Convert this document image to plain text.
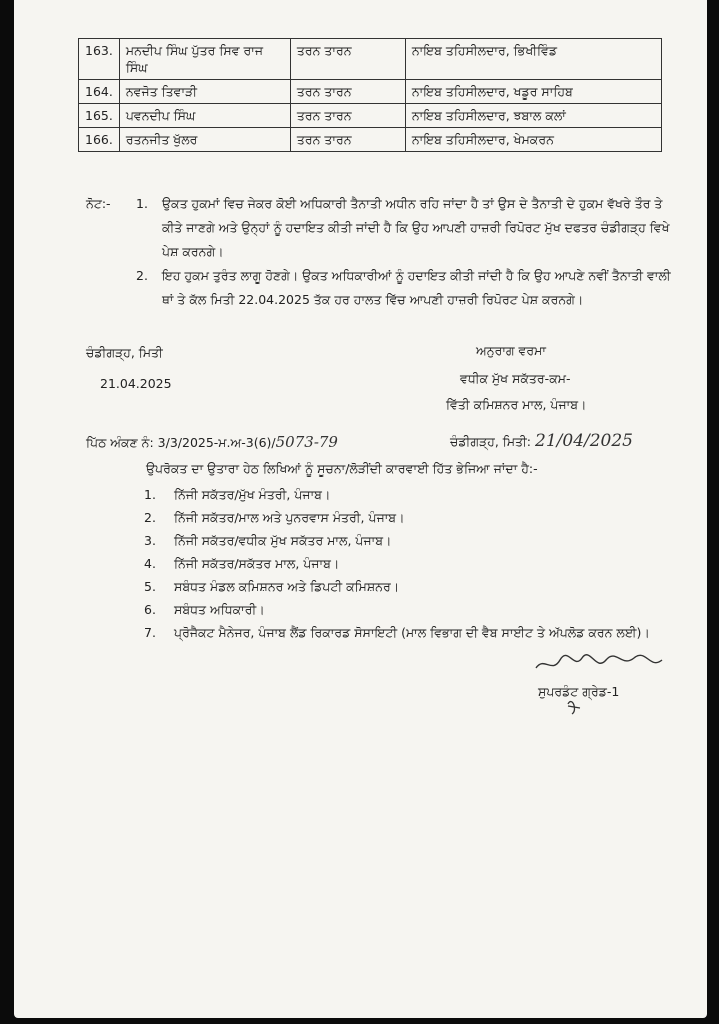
163.	ਮਨਦੀਪ ਸਿੰਘ ਪੁੱਤਰ ਸਿਵ ਰਾਜ ਸਿੰਘ	ਤਰਨ ਤਾਰਨ	ਨਾਇਬ ਤਹਿਸੀਲਦਾਰ, ਭਿਖੀਵਿੰਡ
164.	ਨਵਜੋਤ ਤਿਵਾੜੀ	ਤਰਨ ਤਾਰਨ	ਨਾਇਬ ਤਹਿਸੀਲਦਾਰ, ਖਡੂਰ ਸਾਹਿਬ
165.	ਪਵਨਦੀਪ ਸਿੰਘ	ਤਰਨ ਤਾਰਨ	ਨਾਇਬ ਤਹਿਸੀਲਦਾਰ, ਝਬਾਲ ਕਲਾਂ
166.	ਰਤਨਜੀਤ ਖੁੱਲਰ	ਤਰਨ ਤਾਰਨ	ਨਾਇਬ ਤਹਿਸੀਲਦਾਰ, ਖੇਮਕਰਨ
ਨੋਟ:- 1. ਉਕਤ ਹੁਕਮਾਂ ਵਿਚ ਜੇਕਰ ਕੋਈ ਅਧਿਕਾਰੀ ਤੈਨਾਤੀ ਅਧੀਨ ਰਹਿ ਜਾਂਦਾ ਹੈ ਤਾਂ ਉਸ ਦੇ ਤੈਨਾਤੀ ਦੇ ਹੁਕਮ ਵੱਖਰੇ ਤੌਰ ਤੇ ਕੀਤੇ ਜਾਣਗੇ ਅਤੇ ਉਨ੍ਹਾਂ ਨੂੰ ਹਦਾਇਤ ਕੀਤੀ ਜਾਂਦੀ ਹੈ ਕਿ ਉਹ ਆਪਣੀ ਹਾਜ਼ਰੀ ਰਿਪੋਰਟ ਮੁੱਖ ਦਫਤਰ ਚੰਡੀਗੜ੍ਹ ਵਿਖੇ ਪੇਸ਼ ਕਰਨਗੇ।
2. ਇਹ ਹੁਕਮ ਤੁਰੰਤ ਲਾਗੂ ਹੋਣਗੇ। ਉਕਤ ਅਧਿਕਾਰੀਆਂ ਨੂੰ ਹਦਾਇਤ ਕੀਤੀ ਜਾਂਦੀ ਹੈ ਕਿ ਉਹ ਆਪਣੇ ਨਵੀਂ ਤੈਨਾਤੀ ਵਾਲੀ ਥਾਂ ਤੇ ਕੱਲ ਮਿਤੀ 22.04.2025 ਤੱਕ ਹਰ ਹਾਲਤ ਵਿੱਚ ਆਪਣੀ ਹਾਜ਼ਰੀ ਰਿਪੋਰਟ ਪੇਸ਼ ਕਰਨਗੇ।
ਚੰਡੀਗੜ੍ਹ, ਮਿਤੀ
21.04.2025
ਅਨੁਰਾਗ ਵਰਮਾ
ਵਧੀਕ ਮੁੱਖ ਸਕੱਤਰ-ਕਮ-
ਵਿੱਤੀ ਕਮਿਸ਼ਨਰ ਮਾਲ, ਪੰਜਾਬ।
ਪਿੱਠ ਅੰਕਣ ਨੰ: 3/3/2025-ਮ.ਅ-3(6)/5073-79	ਚੰਡੀਗੜ੍ਹ, ਮਿਤੀ: 21/04/2025
ਉਪਰੋਕਤ ਦਾ ਉਤਾਰਾ ਹੇਠ ਲਿਖਿਆਂ ਨੂੰ ਸੂਚਨਾ/ਲੋੜੀਂਦੀ ਕਾਰਵਾਈ ਹਿੱਤ ਭੇਜਿਆ ਜਾਂਦਾ ਹੈ:-
1. ਨਿੱਜੀ ਸਕੱਤਰ/ਮੁੱਖ ਮੰਤਰੀ, ਪੰਜਾਬ।
2. ਨਿੱਜੀ ਸਕੱਤਰ/ਮਾਲ ਅਤੇ ਪੁਨਰਵਾਸ ਮੰਤਰੀ, ਪੰਜਾਬ।
3. ਨਿੱਜੀ ਸਕੱਤਰ/ਵਧੀਕ ਮੁੱਖ ਸਕੱਤਰ ਮਾਲ, ਪੰਜਾਬ।
4. ਨਿੱਜੀ ਸਕੱਤਰ/ਸਕੱਤਰ ਮਾਲ, ਪੰਜਾਬ।
5. ਸਬੰਧਤ ਮੰਡਲ ਕਮਿਸ਼ਨਰ ਅਤੇ ਡਿਪਟੀ ਕਮਿਸ਼ਨਰ।
6. ਸਬੰਧਤ ਅਧਿਕਾਰੀ।
7. ਪ੍ਰੋਜੈਕਟ ਮੈਨੇਜਰ, ਪੰਜਾਬ ਲੈਂਡ ਰਿਕਾਰਡ ਸੋਸਾਇਟੀ (ਮਾਲ ਵਿਭਾਗ ਦੀ ਵੈਬ ਸਾਈਟ ਤੇ ਅੱਪਲੋਡ ਕਰਨ ਲਈ)।
ਸੁਪਰਡੰਟ ਗ੍ਰੇਡ-1
